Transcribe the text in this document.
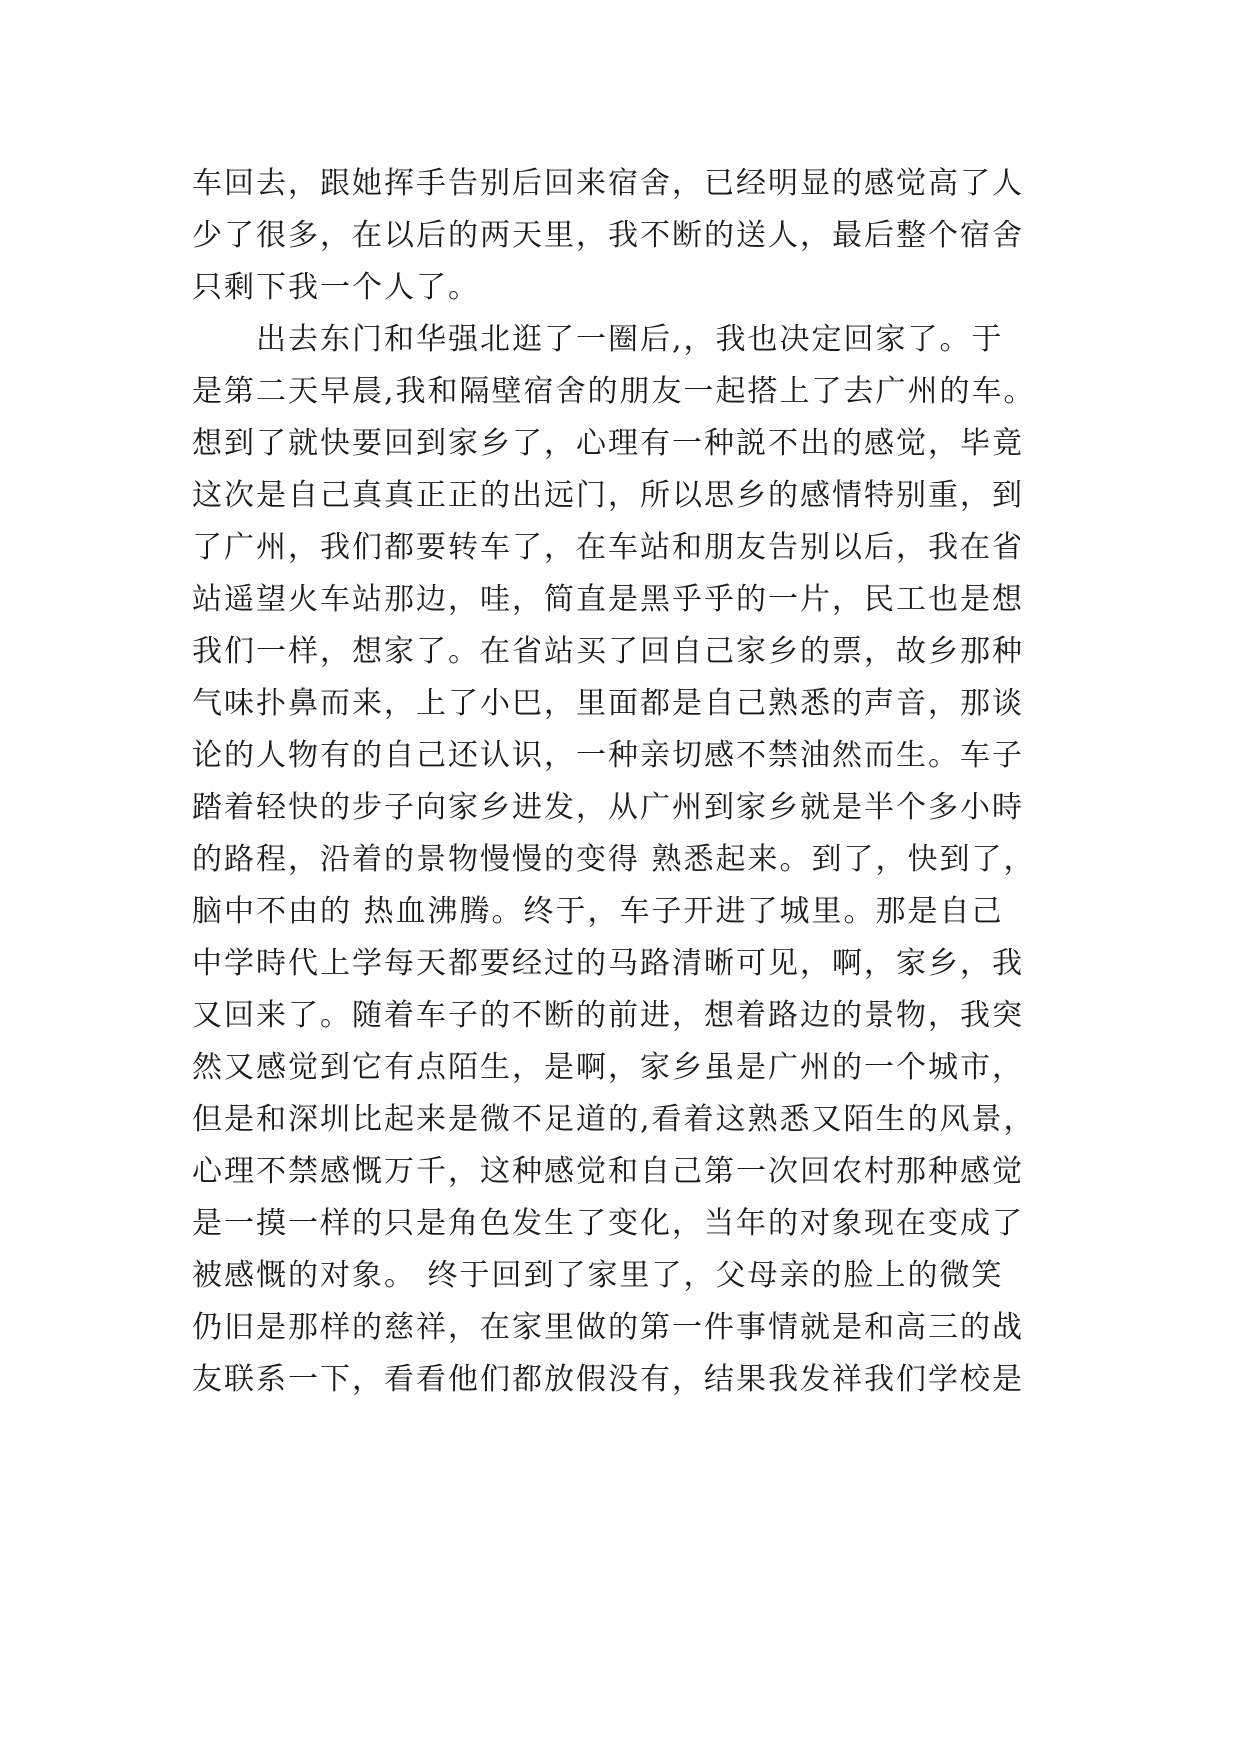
车回去，跟她挥手告别后回来宿舍，已经明显的感觉高了人
少了很多，在以后的两天里，我不断的送人，最后整个宿舍
只剩下我一个人了。
出去东门和华强北逛了一圈后,，我也决定回家了。于
是第二天早晨,我和隔壁宿舍的朋友一起搭上了去广州的车。
想到了就快要回到家乡了，心理有一种説不出的感觉，毕竟
这次是自己真真正正的出远门，所以思乡的感情特别重，到
了广州，我们都要转车了，在车站和朋友告别以后，我在省
站遥望火车站那边，哇，简直是黑乎乎的一片，民工也是想
我们一样，想家了。在省站买了回自己家乡的票，故乡那种
气味扑鼻而来，上了小巴，里面都是自己熟悉的声音，那谈
论的人物有的自己还认识，一种亲切感不禁油然而生。车子
踏着轻快的步子向家乡进发，从广州到家乡就是半个多小時
的路程，沿着的景物慢慢的变得 熟悉起来。到了，快到了，
脑中不由的 热血沸腾。终于，车子开进了城里。那是自己
中学時代上学每天都要经过的马路清晰可见，啊，家乡，我
又回来了。随着车子的不断的前进，想着路边的景物，我突
然又感觉到它有点陌生，是啊，家乡虽是广州的一个城市，
但是和深圳比起来是微不足道的,看着这熟悉又陌生的风景，
心理不禁感慨万千，这种感觉和自己第一次回农村那种感觉
是一摸一样的只是角色发生了变化，当年的对象现在变成了
被感慨的对象。 终于回到了家里了，父母亲的脸上的微笑
仍旧是那样的慈祥，在家里做的第一件事情就是和高三的战
友联系一下，看看他们都放假没有，结果我发祥我们学校是
